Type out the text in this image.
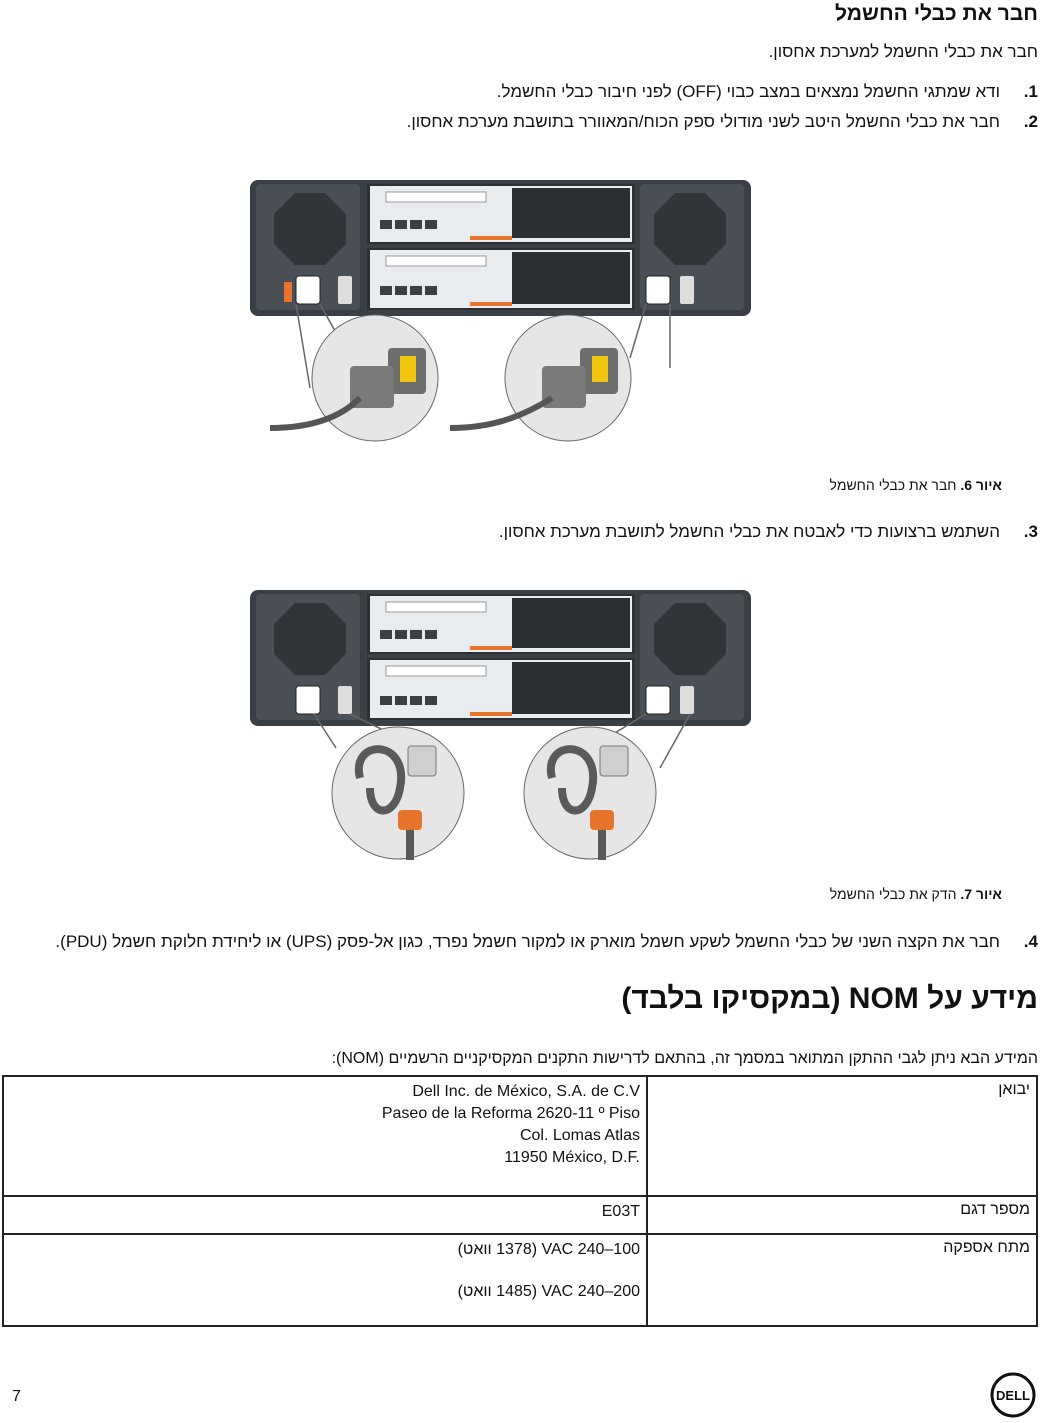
חבר את כבלי החשמל
חבר את כבלי החשמל למערכת אחסון.
1.
ודא שמתגי החשמל נמצאים במצב כבוי (OFF) לפני חיבור כבלי החשמל.
2.
חבר את כבלי החשמל היטב לשני מודולי ספק הכוח/המאוורר בתושבת מערכת אחסון.
איור 6. חבר את כבלי החשמל
3.
השתמש ברצועות כדי לאבטח את כבלי החשמל לתושבת מערכת אחסון.
איור 7. הדק את כבלי החשמל
4.
חבר את הקצה השני של כבלי החשמל לשקע חשמל מוארק או למקור חשמל נפרד, כגון אל-פסק (UPS) או ליחידת חלוקת חשמל (PDU).
מידע על NOM (במקסיקו בלבד)
המידע הבא ניתן לגבי ההתקן המתואר במסמך זה, בהתאם לדרישות התקנים המקסיקניים הרשמיים (NOM):
יבואן	Dell Inc. de México, S.A. de C.V
Paseo de la Reforma 2620-11 º Piso
Col. Lomas Atlas
11950 México, D.F.

מספר דגם	E03T

מתח אספקה	100–240 VAC (1378 וואט)
200–240 VAC (1485 וואט)
7	DELL
